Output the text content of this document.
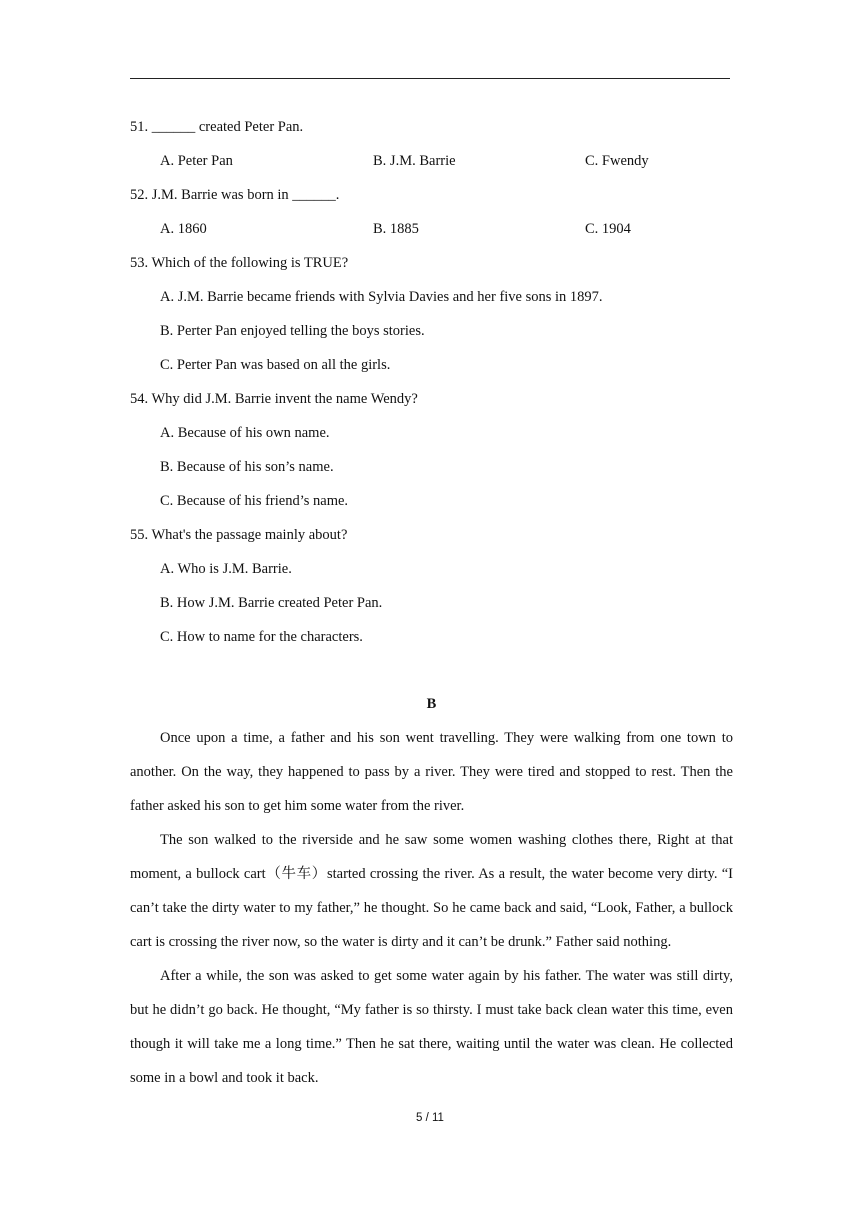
51. ______ created Peter Pan.

A. Peter Pan	B. J.M. Barrie	C. Fwendy

52. J.M. Barrie was born in ______.

A. 1860	B. 1885	C. 1904

53. Which of the following is TRUE?

A. J.M. Barrie became friends with Sylvia Davies and her five sons in 1897.

B. Perter Pan enjoyed telling the boys stories.

C. Perter Pan was based on all the girls.

54. Why did J.M. Barrie invent the name Wendy?

A. Because of his own name.

B. Because of his son’s name.

C. Because of his friend’s name.

55. What's the passage mainly about?

A. Who is J.M. Barrie.

B. How J.M. Barrie created Peter Pan.

C. How to name for the characters.

B

Once upon a time, a father and his son went travelling. They were walking from one town to another. On the way, they happened to pass by a river. They were tired and stopped to rest. Then the father asked his son to get him some water from the river.

The son walked to the riverside and he saw some women washing clothes there, Right at that moment, a bullock cart（牛车）started crossing the river. As a result, the water become very dirty. “I can’t take the dirty water to my father,” he thought. So he came back and said, “Look, Father, a bullock cart is crossing the river now, so the water is dirty and it can’t be drunk.” Father said nothing.

After a while, the son was asked to get some water again by his father. The water was still dirty, but he didn’t go back. He thought, “My father is so thirsty. I must take back clean water this time, even though it will take me a long time.” Then he sat there, waiting until the water was clean. He collected some in a bowl and took it back.

5 / 11
